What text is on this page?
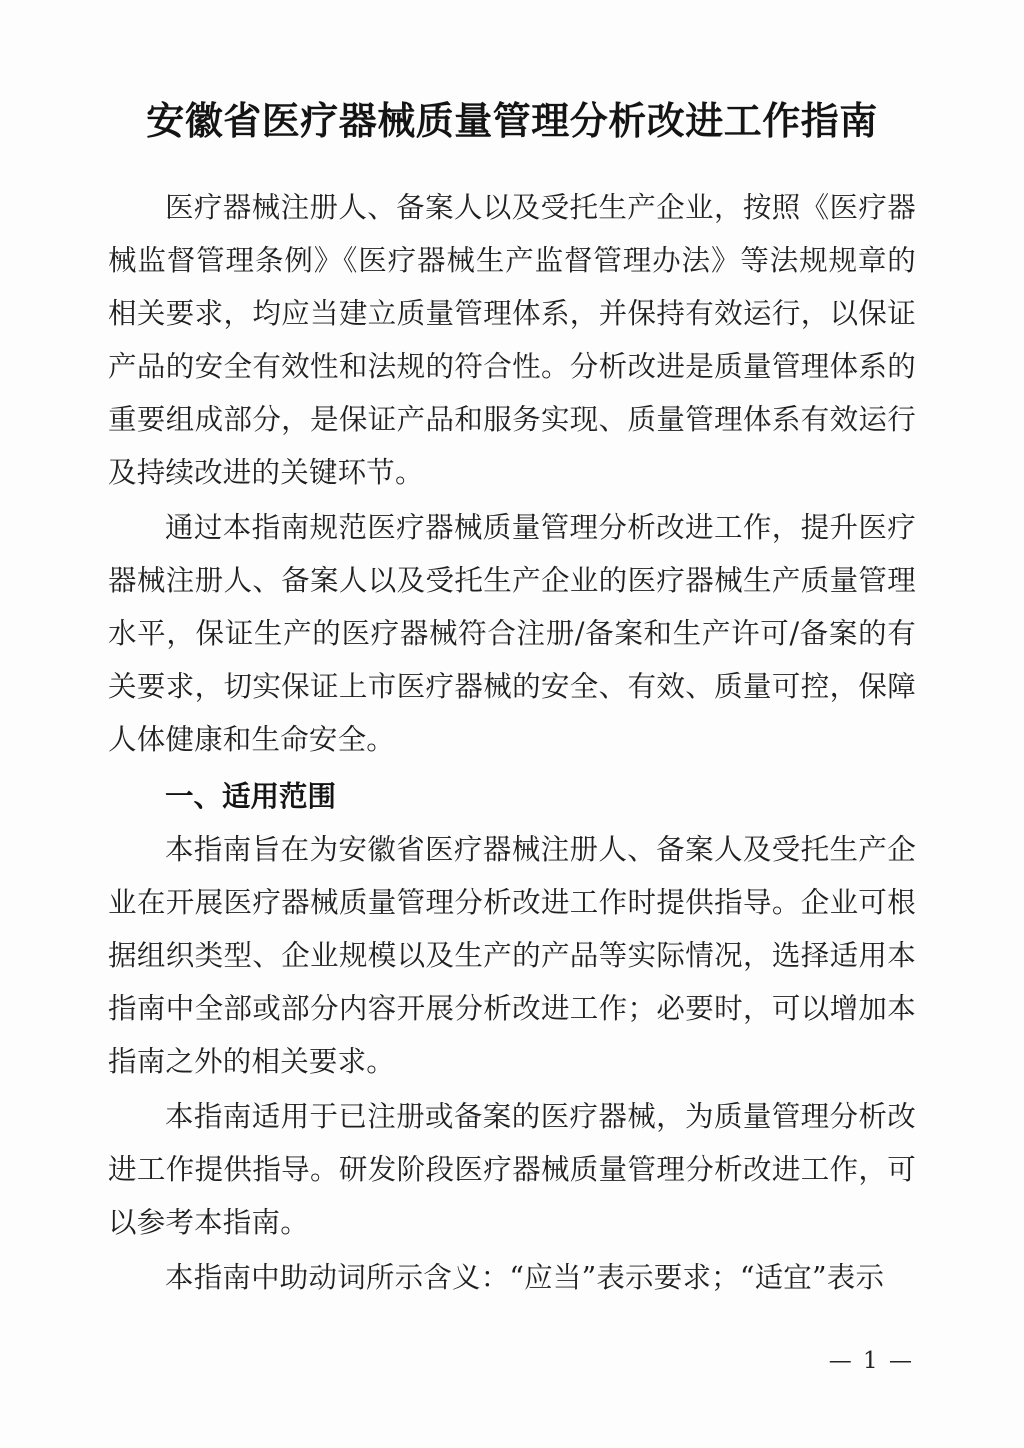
安徽省医疗器械质量管理分析改进工作指南

医疗器械注册人、备案人以及受托生产企业，按照《医疗器械监督管理条例》《医疗器械生产监督管理办法》等法规规章的相关要求，均应当建立质量管理体系，并保持有效运行，以保证产品的安全有效性和法规的符合性。分析改进是质量管理体系的重要组成部分，是保证产品和服务实现、质量管理体系有效运行及持续改进的关键环节。

通过本指南规范医疗器械质量管理分析改进工作，提升医疗器械注册人、备案人以及受托生产企业的医疗器械生产质量管理水平，保证生产的医疗器械符合注册/备案和生产许可/备案的有关要求，切实保证上市医疗器械的安全、有效、质量可控，保障人体健康和生命安全。

一、适用范围

本指南旨在为安徽省医疗器械注册人、备案人及受托生产企业在开展医疗器械质量管理分析改进工作时提供指导。企业可根据组织类型、企业规模以及生产的产品等实际情况，选择适用本指南中全部或部分内容开展分析改进工作；必要时，可以增加本指南之外的相关要求。

本指南适用于已注册或备案的医疗器械，为质量管理分析改进工作提供指导。研发阶段医疗器械质量管理分析改进工作，可以参考本指南。

本指南中助动词所示含义：“应当”表示要求；“适宜”表示

— 1 —
